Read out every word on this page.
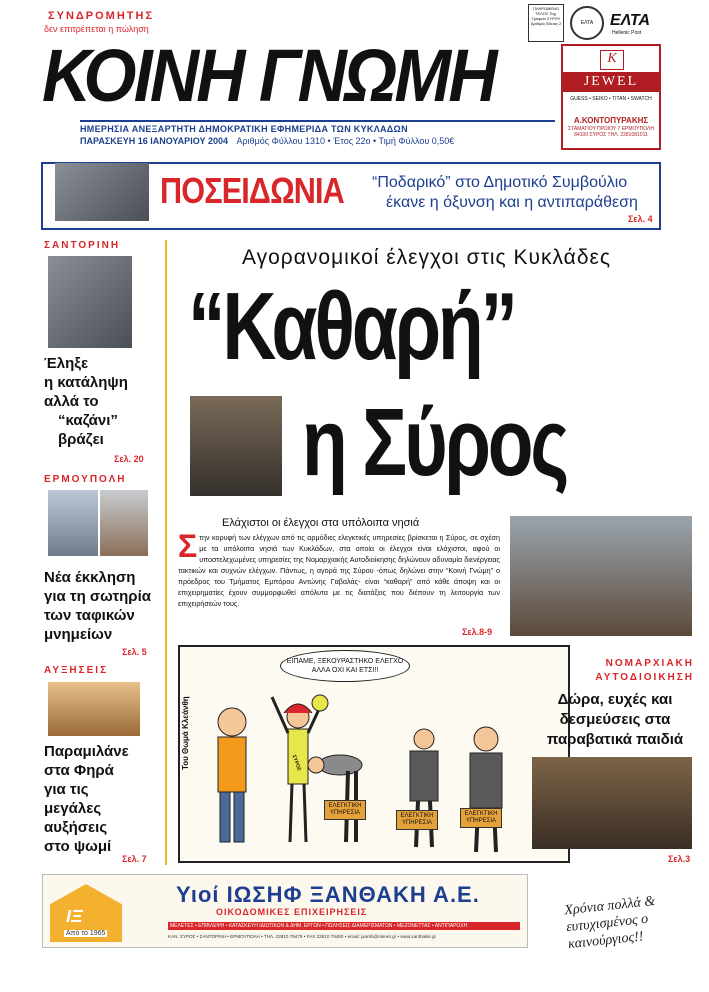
ΣΥΝΔΡΟΜΗΤΗΣ
δεν επιτρέπεται η πώληση
ΚΟΙΝΗ ΓΝΩΜΗ
ΗΜΕΡΗΣΙΑ ΑΝΕΞΑΡΤΗΤΗ ΔΗΜΟΚΡΑΤΙΚΗ ΕΦΗΜΕΡΙΔΑ ΤΩΝ ΚΥΚΛΑΔΩΝ
ΠΑΡΑΣΚΕΥΗ 16 ΙΑΝΟΥΑΡΙΟΥ 2004 Αριθμός Φύλλου 1310 • Έτος 22ο • Τιμή Φύλλου 0,50€
ΠΛΗΡΩΜΕΝΟ ΤΕΛΟΣ Ταχ. Γραφείο ΣΥΡΟΥ Αριθμός Άδειας 2	ΕΛΤΑ	ΕΛΤΑ
Hellenic Post
K
JEWEL
GUESS • SEIKO • TITAN • SWATCH
Α.ΚΟΝΤΟΠΥΡΑΚΗΣ
ΣΤΑΜΑΤΙΟΥ ΠΡΩΙΟΥ 7 ΕΡΜΟΥΠΟΛΗ 84100 ΣΥΡΟΣ ΤΗΛ. 2281081011
ΠΟΣΕΙΔΩΝΙΑ “Ποδαρικό” στο Δημοτικό Συμβούλιο
έκανε η όξυνση και η αντιπαράθεση
Σελ. 4
ΣΑΝΤΟΡΙΝΗ
Έληξε
η κατάληψη
αλλά το
“καζάνι”
βράζει
Σελ. 20
ΕΡΜΟΥΠΟΛΗ
Νέα έκκληση
για τη σωτηρία
των ταφικών
μνημείων
Σελ. 5
ΑΥΞΗΣΕΙΣ
Παραμιλάνε
στα Φηρά
για τις
μεγάλες
αυξήσεις
στο ψωμί
Σελ. 7
Αγορανομικοί έλεγχοι στις Κυκλάδες
“Καθαρή”
η Σύρος
Ελάχιστοι οι έλεγχοι στα υπόλοιπα νησιά
Σ την κορυφή των ελέγχων από τις αρμόδιες ελεγκτικές υπηρεσίες βρίσκεται η Σύρος, σε σχέση με τα υπόλοιπα νησιά των Κυκλάδων, στα οποία οι έλεγχοι είναι ελάχιστοι, αφού οι υποστελεχωμένες υπηρεσίες της Νομαρχιακής Αυτοδιοίκησης δηλώνουν αδυναμία διενέργειας τακτικών και συχνών ελέγχων. Πάντως, η αγορά της Σύρου -όπως δηλώνει στην “Κοινή Γνώμη” ο πρόεδρος του Τμήματος Εμπόρου Αντώνης Γαβαλάς- είναι “καθαρή” από κάθε άποψη και οι επιχειρηματίες έχουν συμμορφωθεί απόλυτα με τις διατάξεις που διέπουν τη λειτουργία των επιχειρήσεών τους.
Σελ.8-9
Του Θωμά Κλεάνθη
ΕΙΠΑΜΕ, ΞΕΚΟΥΡΑΣΤΗΚΟ ΕΛΕΓΧΟ ΑΛΛΑ ΟΧΙ ΚΑΙ ΕΤΣΙ!!
ΣΥΡΟΣ
ΕΛΕΓΚΤΙΚΗ ΥΠΗΡΕΣΙΑ	ΕΛΕΓΚΤΙΚΗ ΥΠΗΡΕΣΙΑ
ΕΛΕΓΚΤΙΚΗ ΥΠΗΡΕΣΙΑ
ΝΟΜΑΡΧΙΑΚΗ
ΑΥΤΟΔΙΟΙΚΗΣΗ
Δώρα, ευχές και
δεσμεύσεις στα
παραβατικά παιδιά
Σελ.3
ΙΞ
Από το 1965
Υιοί ΙΩΣΗΦ ΞΑΝΘΑΚΗ Α.Ε.
ΟΙΚΟΔΟΜΙΚΕΣ ΕΠΙΧΕΙΡΗΣΕΙΣ
ΜΕΛΕΤΕΣ • ΕΠΙΒΛΕΨΗ • ΚΑΤΑΣΚΕΥΗ ΙΔΙΩΤΙΚΩΝ & ΔΗΜ. ΕΡΓΩΝ • ΠΩΛΗΣΕΙΣ ΔΙΑΜΕΡΙΣΜΑΤΩΝ • ΜΕΖΟΝΕΤΤΑΣ • ΑΝΤΙΠΑΡΟΧΗ
ΚΑΝ. ΣΥΡΟΣ • ΣΑΝΤΟΡΙΝΗ • ΕΡΜΟΥΠΟΛΗ • ΤΗΛ. 22810 79479 • FAX 22810 79480 • email: jxanth@otenet.gr • www.xanthakis.gr
Χρόνια πολλά & ευτυχισμένος ο καινούργιος!!
